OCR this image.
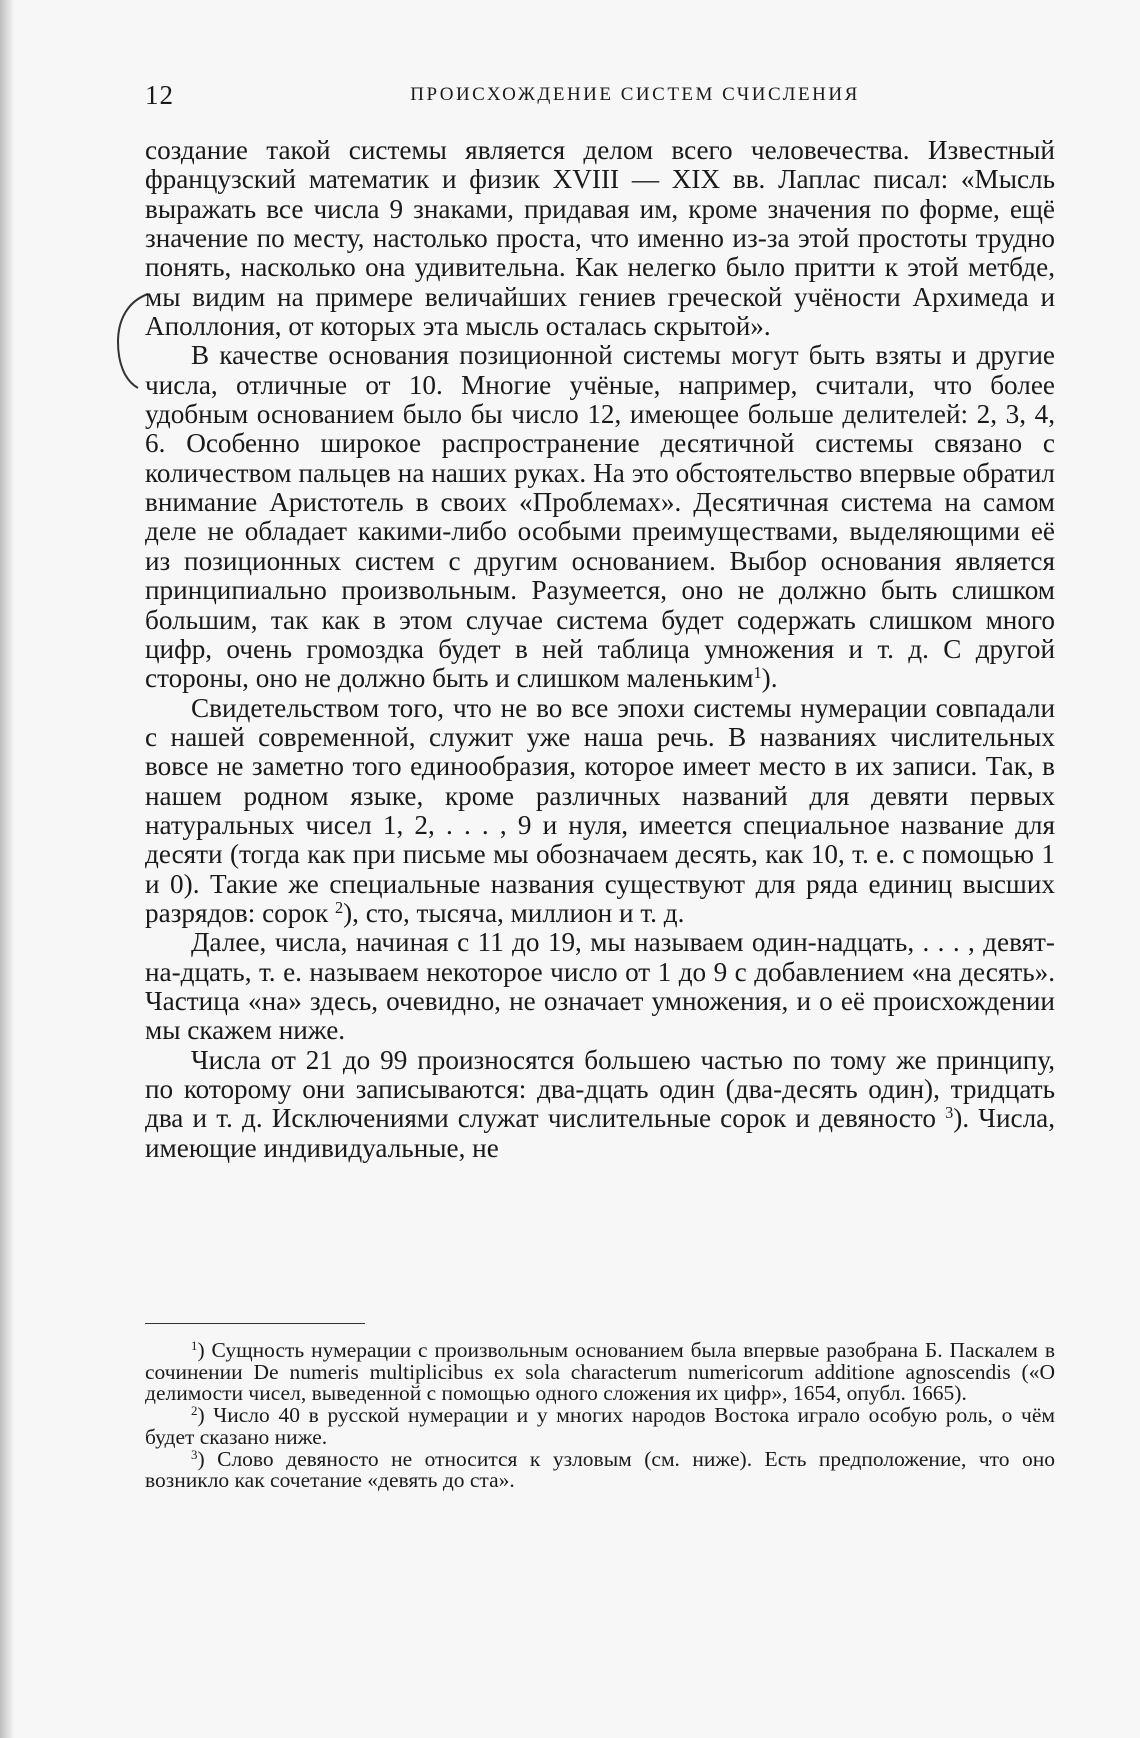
12	ПРОИСХОЖДЕНИЕ СИСТЕМ СЧИСЛЕНИЯ

создание такой системы является делом всего человечества. Известный французский математик и физик XVIII — XIX вв. Лаплас писал: «Мысль выражать все числа 9 знаками, придавая им, кроме значения по форме, ещё значение по месту, настолько проста, что именно из-за этой простоты трудно понять, насколько она удивительна. Как нелегко было притти к этой метбде, мы видим на примере величайших гениев греческой учёности Архимеда и Аполлония, от которых эта мысль осталась скрытой».

В качестве основания позиционной системы могут быть взяты и другие числа, отличные от 10. Многие учёные, например, считали, что более удобным основанием было бы число 12, имеющее больше делителей: 2, 3, 4, 6. Особенно широкое распространение десятичной системы связано с количеством пальцев на наших руках. На это обстоятельство впервые обратил внимание Аристотель в своих «Проблемах». Десятичная система на самом деле не обладает какими-либо особыми преимуществами, выделяющими её из позиционных систем с другим основанием. Выбор основания является принципиально произвольным. Разумеется, оно не должно быть слишком большим, так как в этом случае система будет содержать слишком много цифр, очень громоздка будет в ней таблица умножения и т. д. С другой стороны, оно не должно быть и слишком маленьким$^1$).

Свидетельством того, что не во все эпохи системы нумерации совпадали с нашей современной, служит уже наша речь. В названиях числительных вовсе не заметно того единообразия, которое имеет место в их записи. Так, в нашем родном языке, кроме различных названий для девяти первых натуральных чисел 1, 2, . . . , 9 и нуля, имеется специальное название для десяти (тогда как при письме мы обозначаем десять, как 10, т. е. с помощью 1 и 0). Такие же специальные названия существуют для ряда единиц высших разрядов: сорок $^2$), сто, тысяча, миллион и т. д.

Далее, числа, начиная с 11 до 19, мы называем один-надцать, . . . , девят-на-дцать, т. е. называем некоторое число от 1 до 9 с добавлением «на десять». Частица «на» здесь, очевидно, не означает умножения, и о её происхождении мы скажем ниже.

Числа от 21 до 99 произносятся большею частью по тому же принципу, по которому они записываются: два-дцать один (два-десять один), тридцать два и т. д. Исключениями служат числительные сорок и девяносто $^3$). Числа, имеющие индивидуальные, не

$^1$) Сущность нумерации с произвольным основанием была впервые разобрана Б. Паскалем в сочинении De numeris multiplicibus ex sola characterum numericorum additione agnoscendis («О делимости чисел, выведенной с помощью одного сложения их цифр», 1654, опубл. 1665).

$^2$) Число 40 в русской нумерации и у многих народов Востока играло особую роль, о чём будет сказано ниже.

$^3$) Слово девяносто не относится к узловым (см. ниже). Есть предположение, что оно возникло как сочетание «девять до ста».
